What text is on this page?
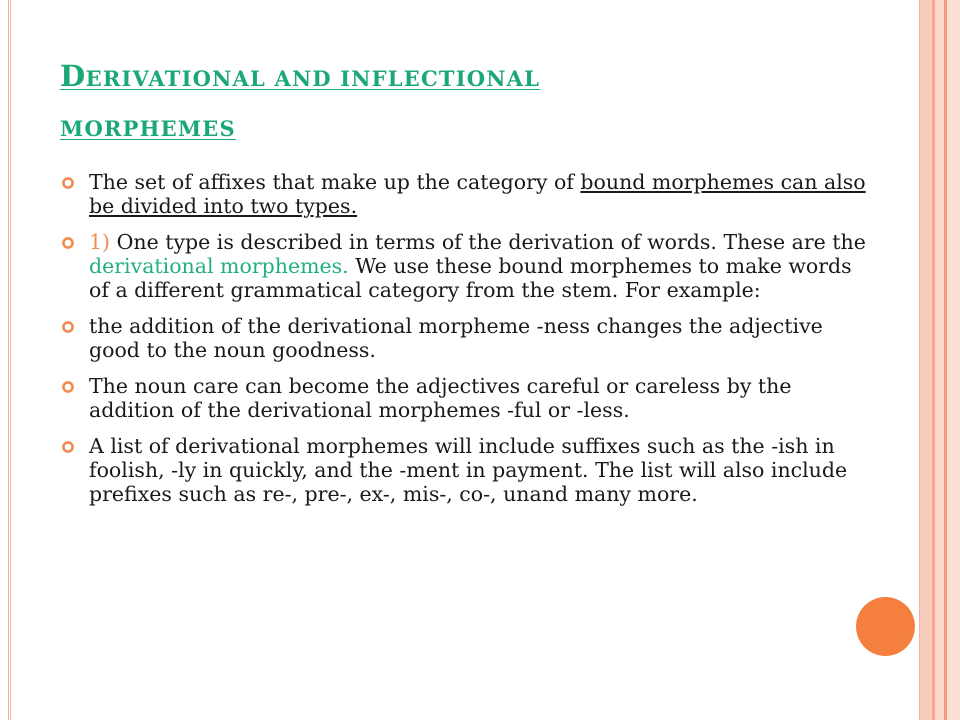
DERIVATIONAL AND INFLECTIONAL
MORPHEMES
The set of affixes that make up the category of bound morphemes can also be divided into two types.
1) One type is described in terms of the derivation of words. These are the derivational morphemes. We use these bound morphemes to make words of a different grammatical category from the stem. For example:
the addition of the derivational morpheme -ness changes the adjective good to the noun goodness.
The noun care can become the adjectives careful or careless by the addition of the derivational morphemes -ful or -less.
A list of derivational morphemes will include suffixes such as the -ish in foolish, -ly in quickly, and the -ment in payment. The list will also include prefixes such as re-, pre-, ex-, mis-, co-, unand many more.
